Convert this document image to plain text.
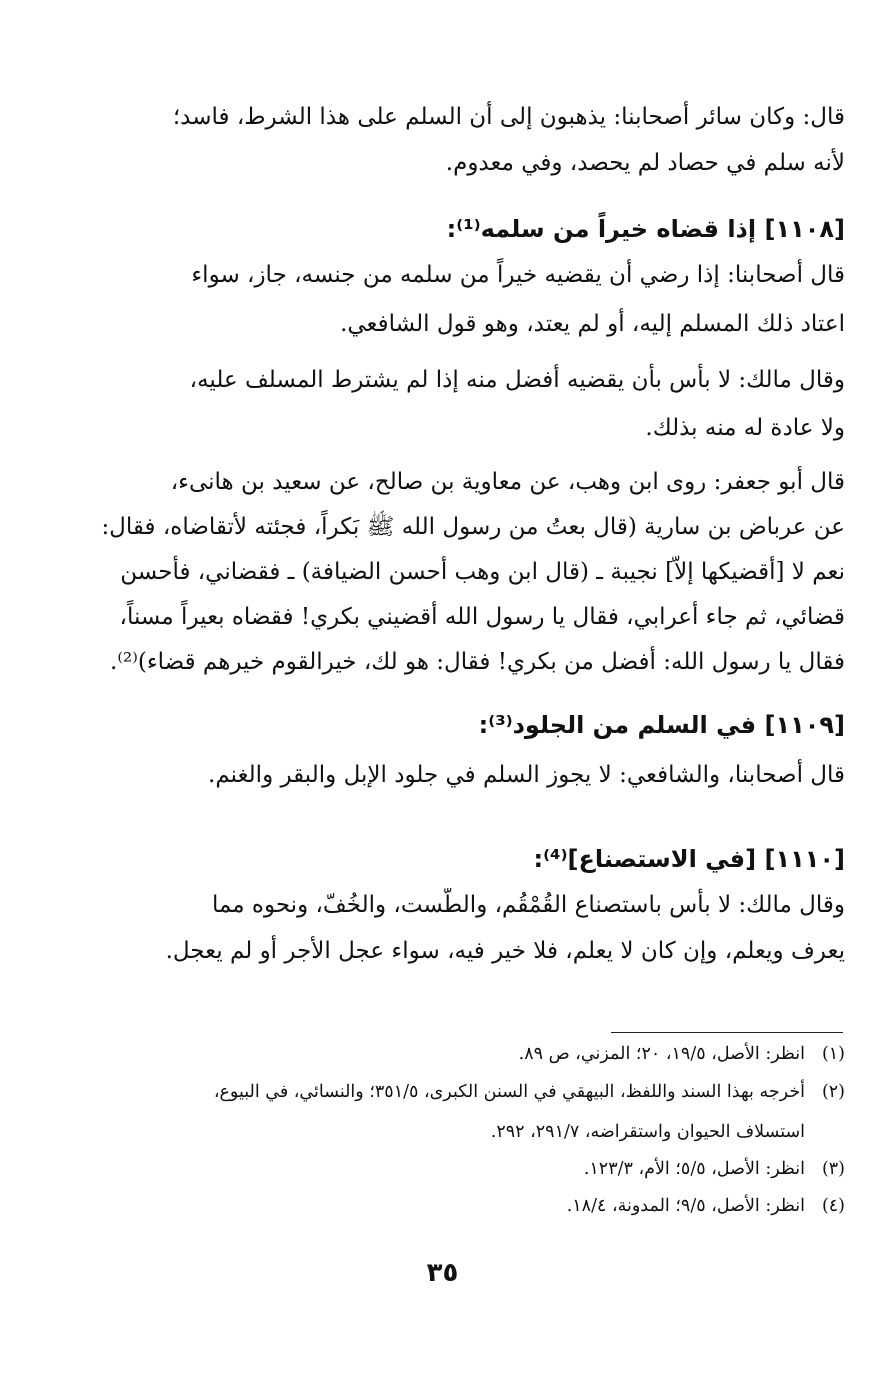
قال: وكان سائر أصحابنا: يذهبون إلى أن السلم على هذا الشرط، فاسد؛
لأنه سلم في حصاد لم يحصد، وفي معدوم.
[١١٠٨] إذا قضاه خيراً من سلمه⁽¹⁾:
قال أصحابنا: إذا رضي أن يقضيه خيراً من سلمه من جنسه، جاز، سواء
اعتاد ذلك المسلم إليه، أو لم يعتد، وهو قول الشافعي.
وقال مالك: لا بأس بأن يقضيه أفضل منه إذا لم يشترط المسلف عليه،
ولا عادة له منه بذلك.
قال أبو جعفر: روى ابن وهب، عن معاوية بن صالح، عن سعيد بن هانىء،
عن عرباض بن سارية (قال بعتُ من رسول الله ﷺ بَكراً، فجئته لأتقاضاه، فقال:
نعم لا [أقضيكها إلاَّ] نجيبة ـ (قال ابن وهب أحسن الضيافة) ـ فقضاني، فأحسن
قضائي، ثم جاء أعرابي، فقال يا رسول الله أقضيني بكري! فقضاه بعيراً مسناً،
فقال يا رسول الله: أفضل من بكري! فقال: هو لك، خيرالقوم خيرهم قضاء)⁽²⁾.
[١١٠٩] في السلم من الجلود⁽³⁾:
قال أصحابنا، والشافعي: لا يجوز السلم في جلود الإبل والبقر والغنم.
[١١١٠] [في الاستصناع]⁽⁴⁾:
وقال مالك: لا بأس باستصناع القُمْقُم، والطَّست، والخُفّ، ونحوه مما
يعرف ويعلم، وإن كان لا يعلم، فلا خير فيه، سواء عجل الأجر أو لم يعجل.
(١)انظر: الأصل، ١٩/٥، ٢٠؛ المزني، ص ٨٩.
(٢)أخرجه بهذا السند واللفظ، البيهقي في السنن الكبرى، ٣٥١/٥؛ والنسائي، في البيوع،
استسلاف الحيوان واستقراضه، ٢٩١/٧، ٢٩٢.
(٣)انظر: الأصل، ٥/٥؛ الأم، ١٢٣/٣.
(٤)انظر: الأصل، ٩/٥؛ المدونة، ١٨/٤.
٣٥
